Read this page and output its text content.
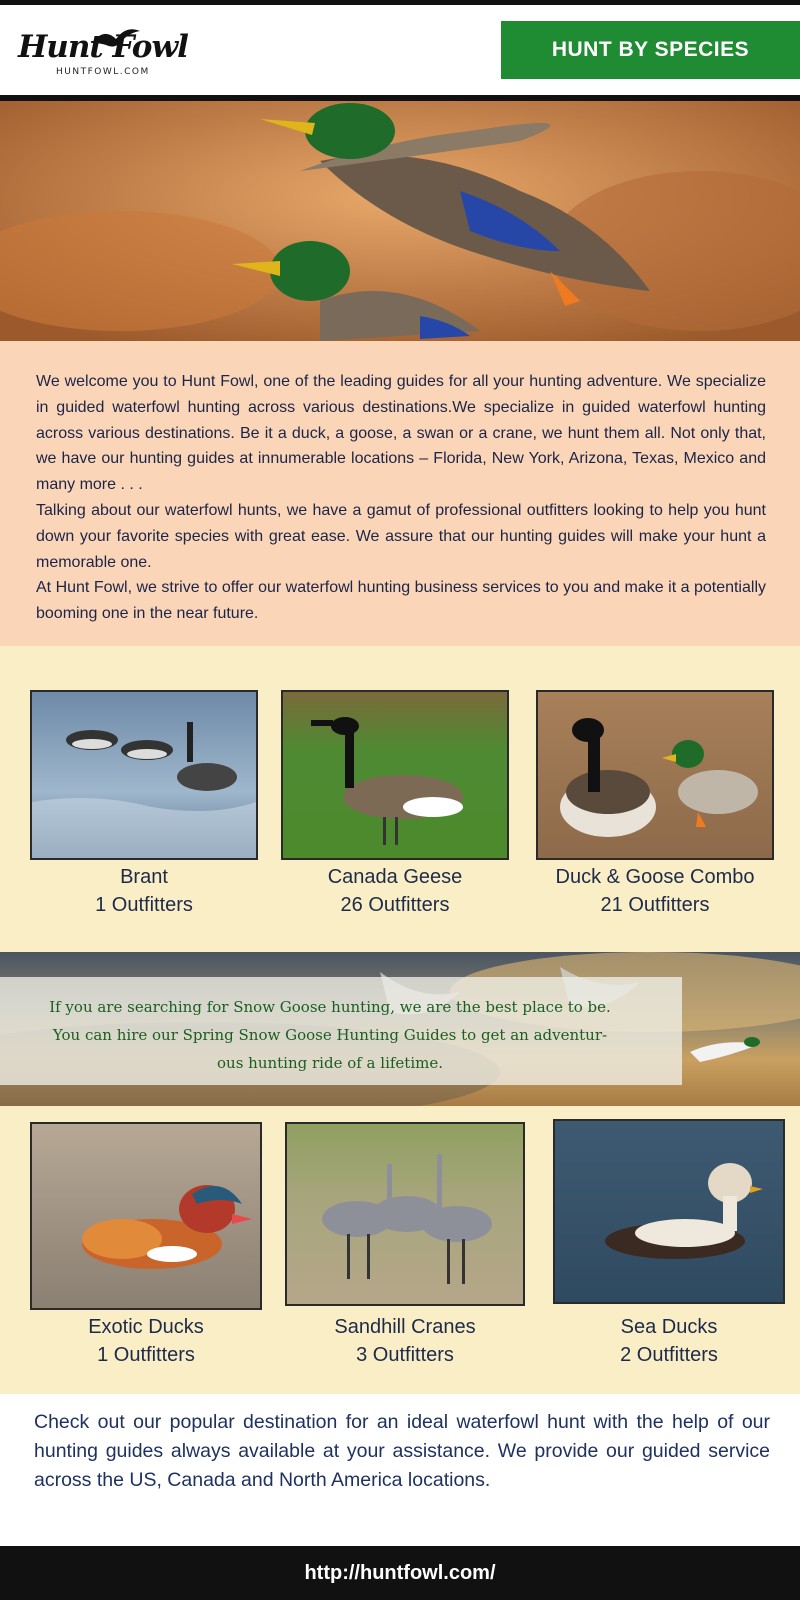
Hunt Fowl
HUNTFOWL.COM
HUNT BY SPECIES

We welcome you to Hunt Fowl, one of the leading guides for all your hunting adventure. We specialize in guided waterfowl hunting across various destinations.We specialize in guided waterfowl hunting across various destinations. Be it a duck, a goose, a swan or a crane, we hunt them all. Not only that, we have our hunting guides at innumerable locations – Florida, New York, Arizona, Texas, Mexico and many more . . .

Talking about our waterfowl hunts, we have a gamut of professional outfitters looking to help you hunt down your favorite species with great ease. We assure that our hunting guides will make your hunt a memorable one.

At Hunt Fowl, we strive to offer our waterfowl hunting business services to you and make it a potentially booming one in the near future.

Brant
1 Outfitters
Canada Geese
26 Outfitters
Duck & Goose Combo
21 Outfitters
If you are searching for Snow Goose hunting, we are the best place to be.
You can hire our Spring Snow Goose Hunting Guides to get an adventur-
ous hunting ride of a lifetime.
Exotic Ducks
1 Outfitters
Sandhill Cranes
3 Outfitters
Sea Ducks
2 Outfitters

Check out our popular destination for an ideal waterfowl hunt with the help of our hunting guides always available at your assistance. We provide our guided service across the US, Canada and North America locations.

http://huntfowl.com/
